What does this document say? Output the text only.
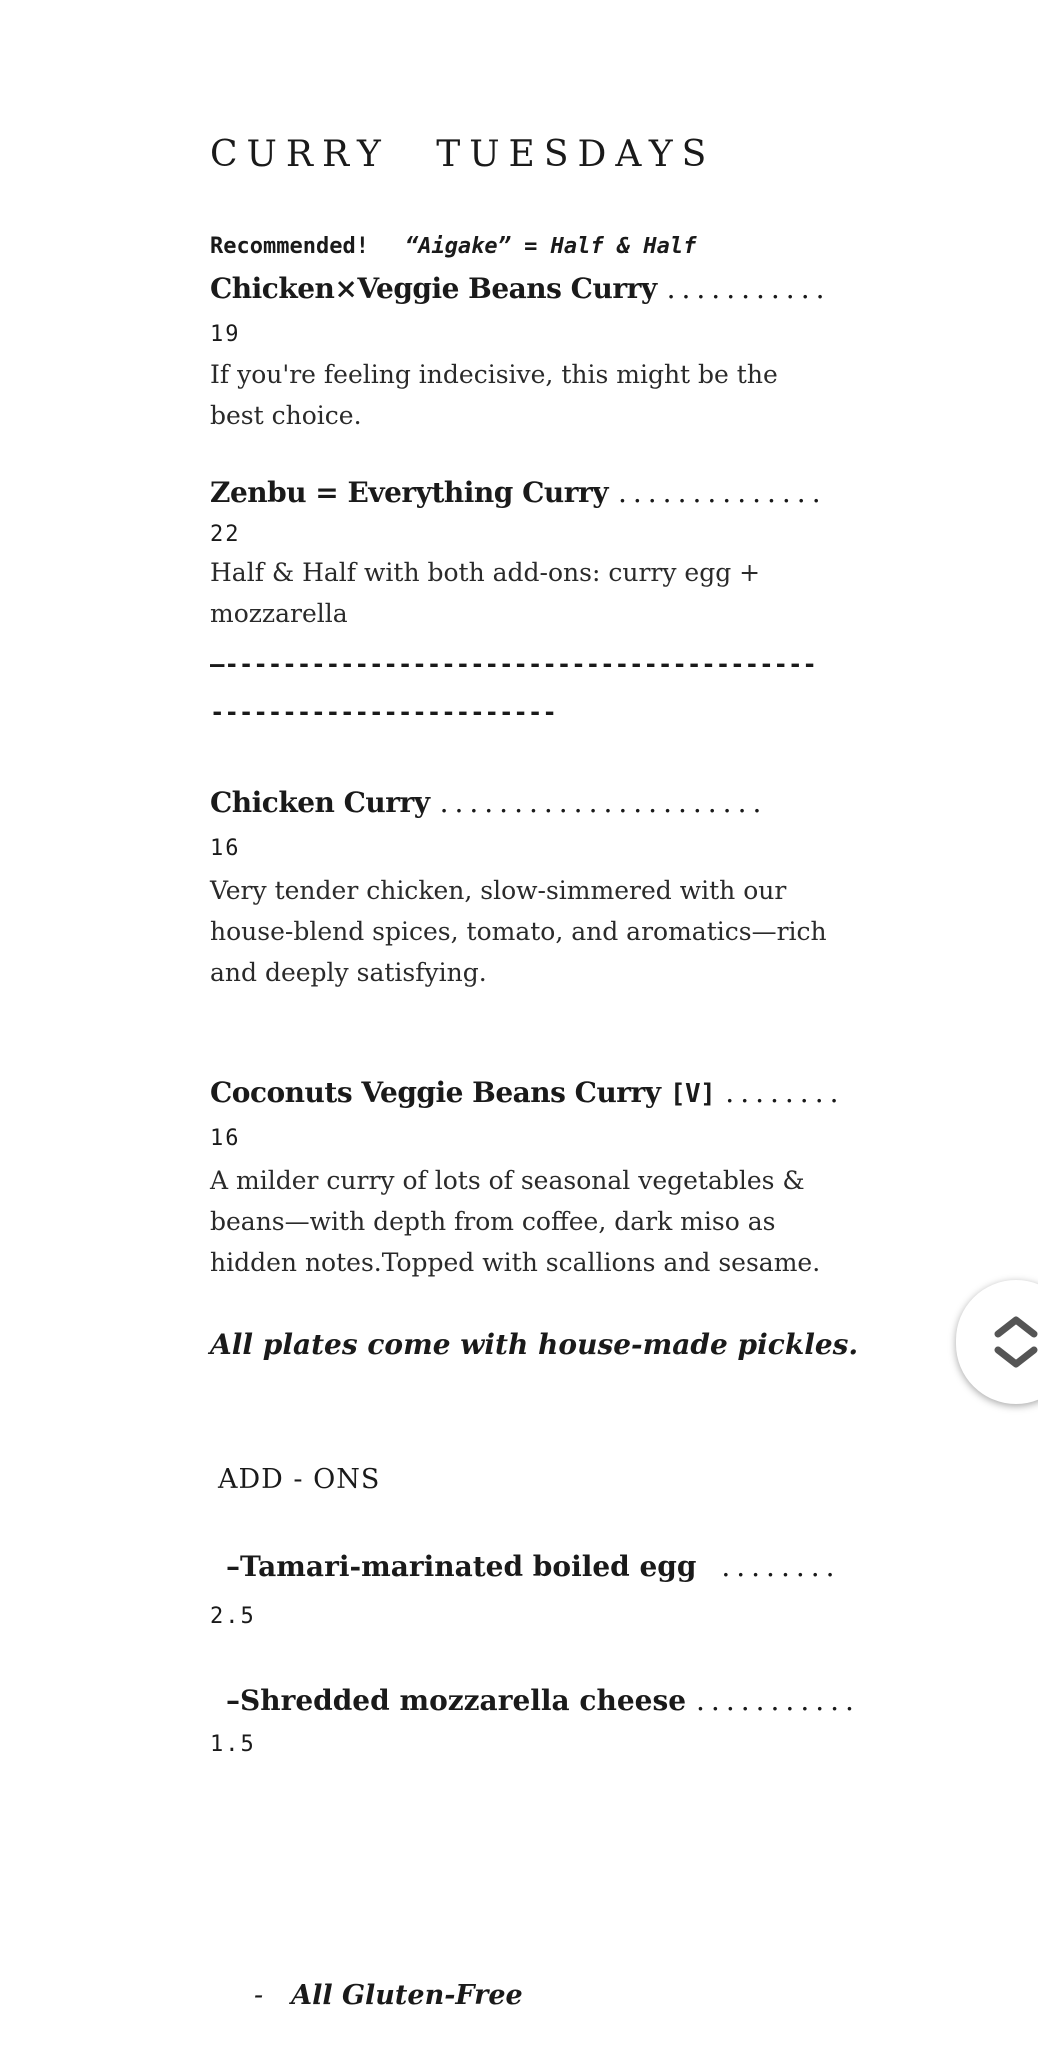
CURRY TUESDAYS
Recommended! “Aigake” = Half & Half
Chicken×Veggie Beans Curry ...........
19
If you're feeling indecisive, this might be the best choice.
Zenbu = Everything Curry ..............
22
Half & Half with both add-ons: curry egg + mozzarella
—-----------------------------------------------------------------
Chicken Curry ......................
16
Very tender chicken, slow-simmered with our house-blend spices, tomato, and aromatics—rich and deeply satisfying.
Coconuts Veggie Beans Curry [V] ........
16
A milder curry of lots of seasonal vegetables & beans—with depth from coffee, dark miso as hidden notes.Topped with scallions and sesame.
All plates come with house-made pickles.
ADD - ONS
–Tamari-marinated boiled egg ........
2.5
–Shredded mozzarella cheese ...........
1.5
- All Gluten-Free
